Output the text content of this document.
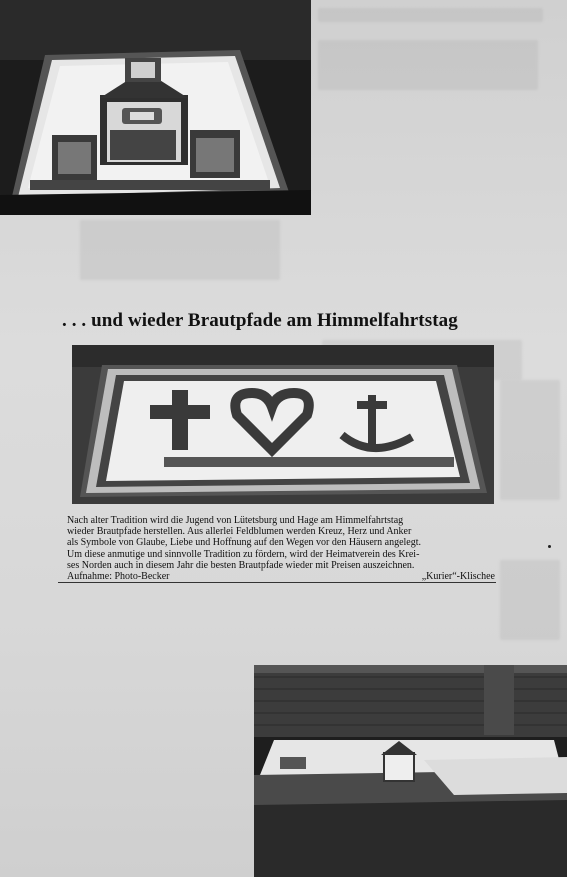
. . . und wieder Brautpfade am Himmelfahrtstag
Nach alter Tradition wird die Jugend von Lütetsburg und Hage am Himmelfahrtstag
wieder Brautpfade herstellen. Aus allerlei Feldblumen werden Kreuz, Herz und Anker
als Symbole von Glaube, Liebe und Hoffnung auf den Wegen vor den Häusern angelegt.
Um diese anmutige und sinnvolle Tradition zu fördern, wird der Heimatverein des Krei-
ses Norden auch in diesem Jahr die besten Brautpfade wieder mit Preisen auszeichnen.
Aufnahme: Photo-Becker	„Kurier“-Klischee
